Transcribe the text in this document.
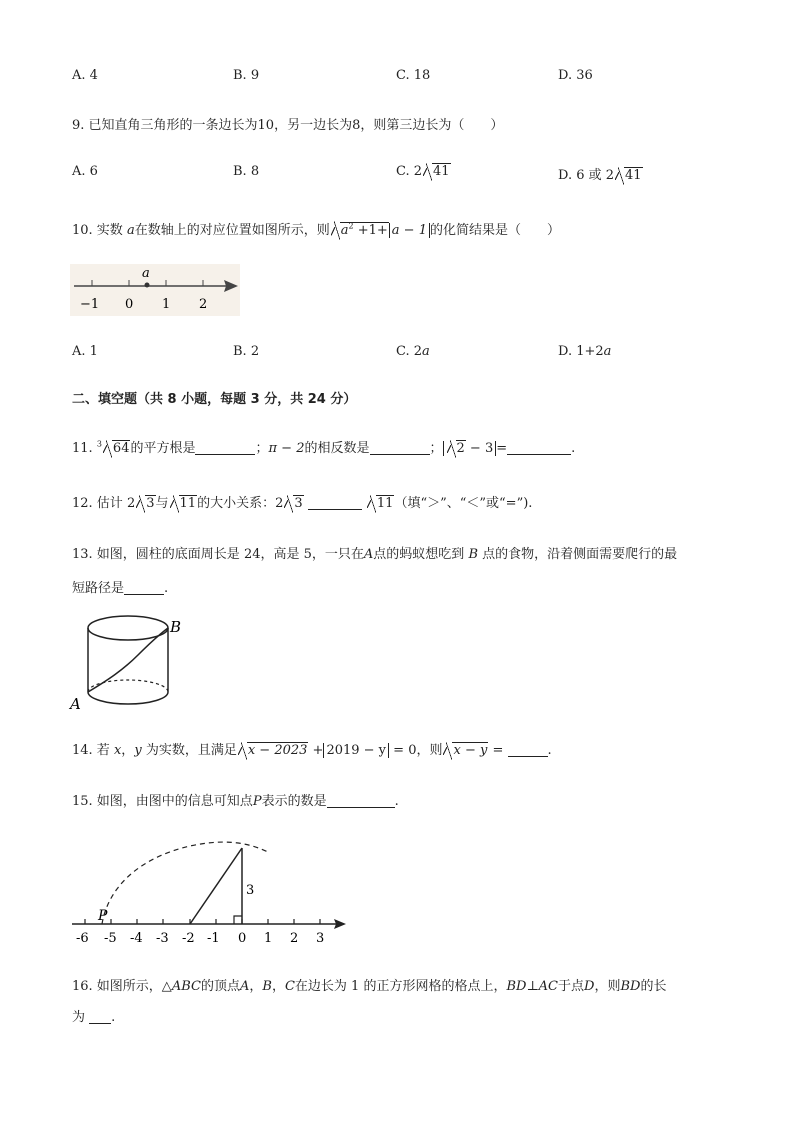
A. 4	B. 9	C. 18	D. 36
9. 已知直角三角形的一条边长为10，另一边长为8，则第三边长为（　　）
A. 6	B. 8	C. 2 41	D. 6 或 2 41
10. 实数 a在数轴上的对应位置如图所示，则 $a^2 +1+ a - 1$ 的化简结果是（　　）
a
−1 0 1 2
A. 1	B. 2	C. 2a	D. 1+2a
二、填空题（共 8 小题，每题 3 分，共 24 分）
11. $^3$ 64的平方根是	；π − 2的相反数是	； 2 − 3 =	.
12. 估计 2 3与 11的大小关系：2 3	11（填“＞”、“＜”或“=”).
13. 如图，圆柱的底面周长是 24，高是 5，一只在A点的蚂蚁想吃到 B 点的食物，沿着侧面需要爬行的最
短路径是	.
B
A
14. 若 x，y 为实数，且满足 x − 2023 + 2019 − y = 0，则 x − y =	.
15. 如图，由图中的信息可知点P表示的数是	.
3
P
-6 -5 -4 -3 -2 -1 0 1 2 3
16. 如图所示，△ABC的顶点A，B，C在边长为 1 的正方形网格的格点上，BD⊥AC于点D，则BD的长
为 .
